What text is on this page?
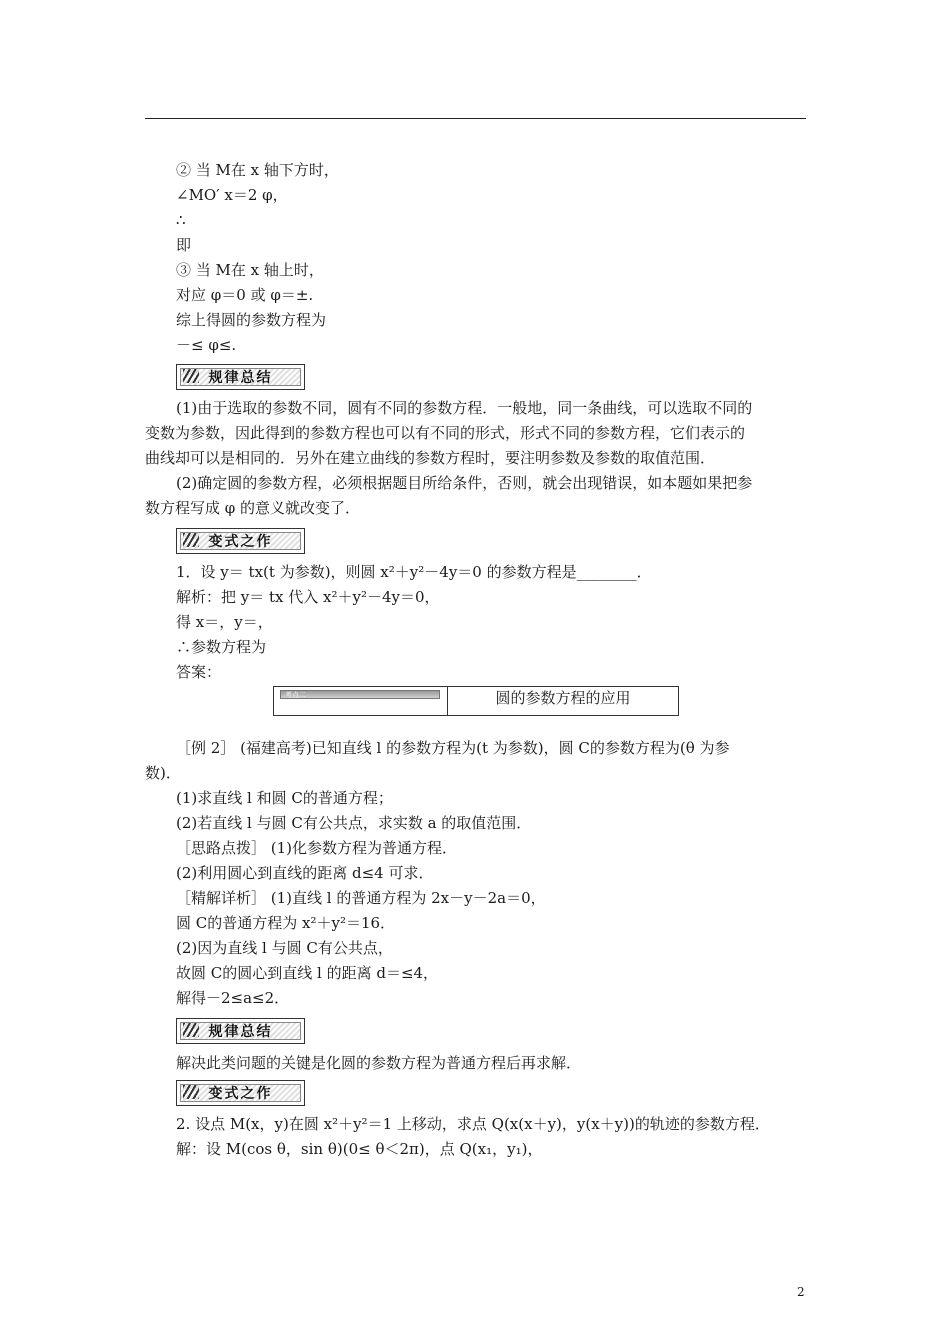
② 当 M在 x 轴下方时，
∠MO′ x＝2 φ，
∴
即
③ 当 M在 x 轴上时，
对应 φ＝0 或 φ＝±.
综上得圆的参数方程为
－≤ φ≤.
规律总结
(1)由于选取的参数不同，圆有不同的参数方程．一般地，同一条曲线，可以选取不同的
变数为参数，因此得到的参数方程也可以有不同的形式，形式不同的参数方程，它们表示的
曲线却可以是相同的．另外在建立曲线的参数方程时，要注明参数及参数的取值范围．
(2)确定圆的参数方程，必须根据题目所给条件，否则，就会出现错误，如本题如果把参
数方程写成 φ 的意义就改变了．
变式之作
1．设 y＝ tx(t 为参数)，则圆 x²＋y²－4y＝0 的参数方程是________．
解析：把 y＝ tx 代入 x²＋y²－4y＝0，
得 x＝，y＝，
∴参数方程为
答案：
考点二	圆的参数方程的应用
［例 2］ (福建高考)已知直线 l 的参数方程为(t 为参数)，圆 C的参数方程为(θ 为参
数)．
(1)求直线 l 和圆 C的普通方程；
(2)若直线 l 与圆 C有公共点，求实数 a 的取值范围．
［思路点拨］ (1)化参数方程为普通方程．
(2)利用圆心到直线的距离 d≤4 可求．
［精解详析］ (1)直线 l 的普通方程为 2x－y－2a＝0，
圆 C的普通方程为 x²＋y²＝16．
(2)因为直线 l 与圆 C有公共点，
故圆 C的圆心到直线 l 的距离 d＝≤4，
解得－2≤a≤2．
规律总结
解决此类问题的关键是化圆的参数方程为普通方程后再求解．
变式之作
2. 设点 M(x，y)在圆 x²＋y²＝1 上移动，求点 Q(x(x＋y)，y(x＋y))的轨迹的参数方程．
解：设 M(cos θ，sin θ)(0≤ θ＜2π)，点 Q(x₁，y₁)，
2
